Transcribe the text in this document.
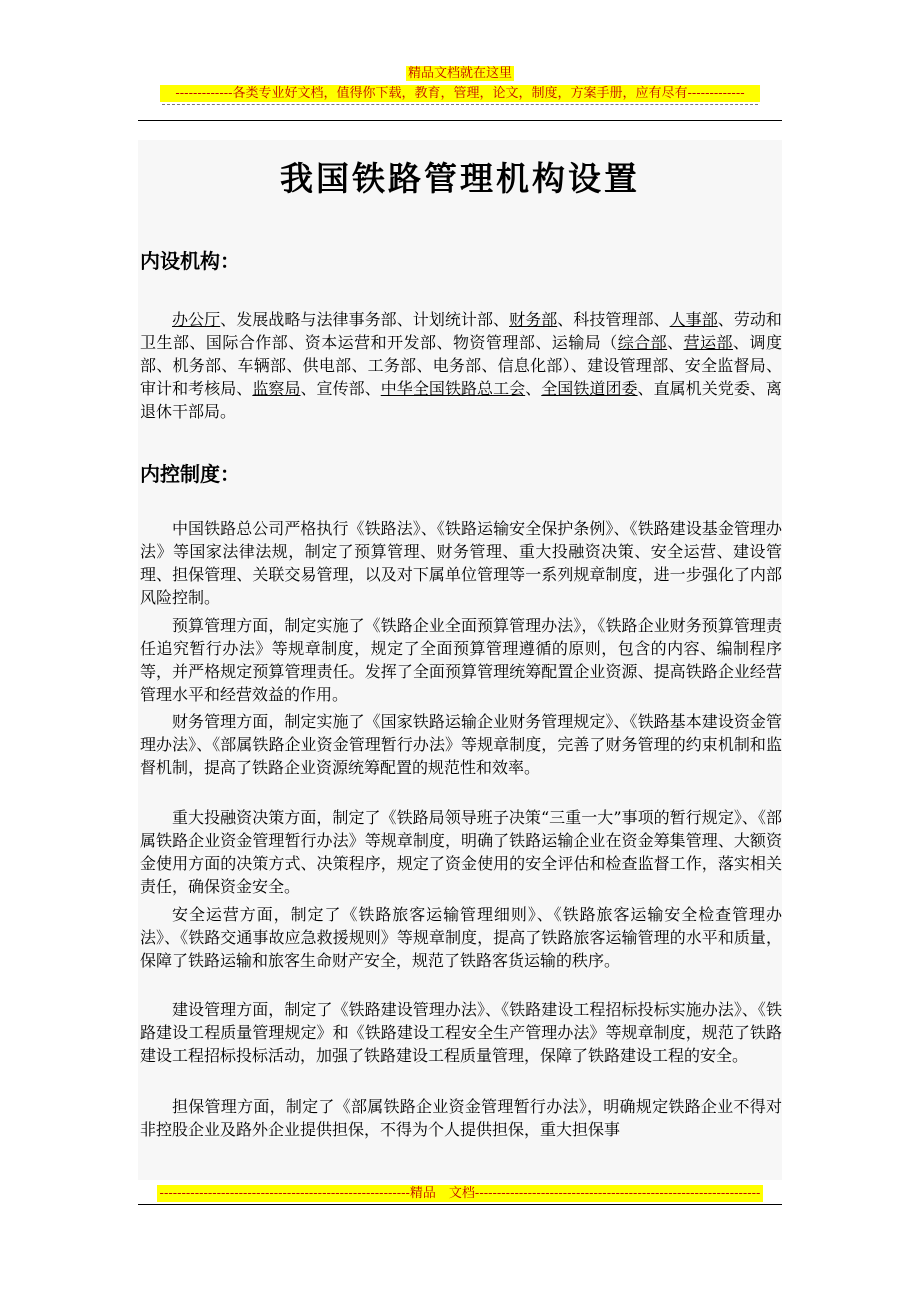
精品文档就在这里
-------------各类专业好文档，值得你下载，教育，管理，论文，制度，方案手册，应有尽有-------------
我国铁路管理机构设置
内设机构：

办公厅、发展战略与法律事务部、计划统计部、财务部、科技管理部、人事部、劳动和卫生部、国际合作部、资本运营和开发部、物资管理部、运输局（综合部、营运部、调度部、机务部、车辆部、供电部、工务部、电务部、信息化部）、建设管理部、安全监督局、审计和考核局、监察局、宣传部、中华全国铁路总工会、全国铁道团委、直属机关党委、离退休干部局。

内控制度：

中国铁路总公司严格执行《铁路法》、《铁路运输安全保护条例》、《铁路建设基金管理办法》等国家法律法规，制定了预算管理、财务管理、重大投融资决策、安全运营、建设管理、担保管理、关联交易管理，以及对下属单位管理等一系列规章制度，进一步强化了内部风险控制。

预算管理方面，制定实施了《铁路企业全面预算管理办法》，《铁路企业财务预算管理责任追究暂行办法》等规章制度，规定了全面预算管理遵循的原则，包含的内容、编制程序等，并严格规定预算管理责任。发挥了全面预算管理统筹配置企业资源、提高铁路企业经营管理水平和经营效益的作用。

财务管理方面，制定实施了《国家铁路运输企业财务管理规定》、《铁路基本建设资金管理办法》、《部属铁路企业资金管理暂行办法》等规章制度，完善了财务管理的约束机制和监督机制，提高了铁路企业资源统筹配置的规范性和效率。

重大投融资决策方面，制定了《铁路局领导班子决策“三重一大”事项的暂行规定》、《部属铁路企业资金管理暂行办法》等规章制度，明确了铁路运输企业在资金筹集管理、大额资金使用方面的决策方式、决策程序，规定了资金使用的安全评估和检查监督工作，落实相关责任，确保资金安全。

安全运营方面，制定了《铁路旅客运输管理细则》、《铁路旅客运输安全检查管理办法》、《铁路交通事故应急救援规则》等规章制度，提高了铁路旅客运输管理的水平和质量，保障了铁路运输和旅客生命财产安全，规范了铁路客货运输的秩序。

建设管理方面，制定了《铁路建设管理办法》、《铁路建设工程招标投标实施办法》、《铁路建设工程质量管理规定》和《铁路建设工程安全生产管理办法》等规章制度，规范了铁路建设工程招标投标活动，加强了铁路建设工程质量管理，保障了铁路建设工程的安全。

担保管理方面，制定了《部属铁路企业资金管理暂行办法》，明确规定铁路企业不得对非控股企业及路外企业提供担保，不得为个人提供担保，重大担保事

---------------------------------------------------------精品　文档-----------------------------------------------------------------
